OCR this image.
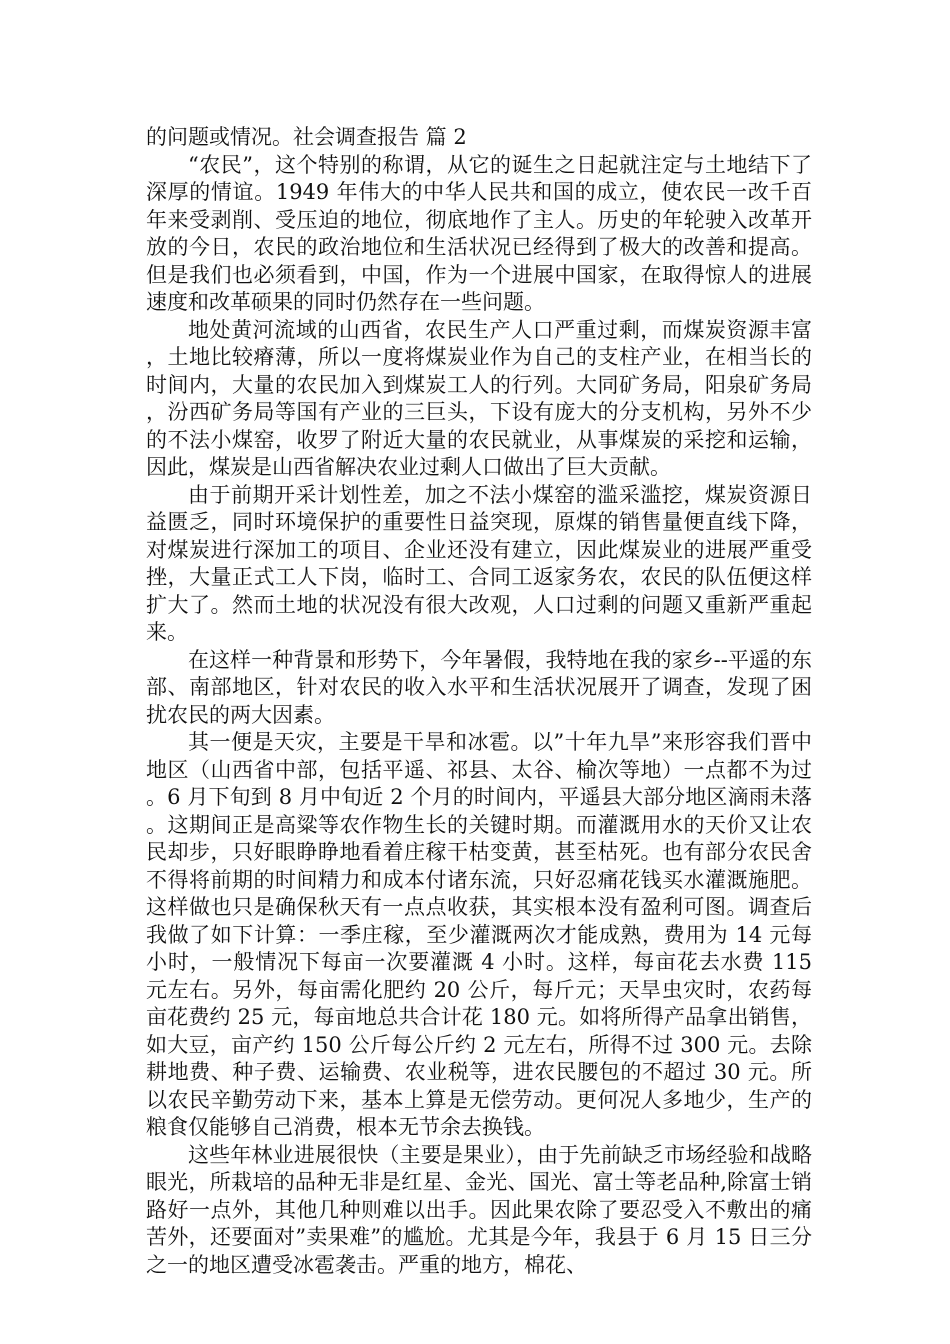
的问题或情况。社会调查报告 篇 2

“农民”，这个特别的称谓，从它的诞生之日起就注定与土地结下了深厚的情谊。1949 年伟大的中华人民共和国的成立，使农民一改千百年来受剥削、受压迫的地位，彻底地作了主人。历史的年轮驶入改革开放的今日，农民的政治地位和生活状况已经得到了极大的改善和提高。但是我们也必须看到，中国，作为一个进展中国家，在取得惊人的进展速度和改革硕果的同时仍然存在一些问题。

地处黄河流域的山西省，农民生产人口严重过剩，而煤炭资源丰富，土地比较瘠薄，所以一度将煤炭业作为自己的支柱产业，在相当长的时间内，大量的农民加入到煤炭工人的行列。大同矿务局，阳泉矿务局，汾西矿务局等国有产业的三巨头，下设有庞大的分支机构，另外不少的不法小煤窑，收罗了附近大量的农民就业，从事煤炭的采挖和运输，因此，煤炭是山西省解决农业过剩人口做出了巨大贡献。

由于前期开采计划性差，加之不法小煤窑的滥采滥挖，煤炭资源日益匮乏，同时环境保护的重要性日益突现，原煤的销售量便直线下降，对煤炭进行深加工的项目、企业还没有建立，因此煤炭业的进展严重受挫，大量正式工人下岗，临时工、合同工返家务农，农民的队伍便这样扩大了。然而土地的状况没有很大改观，人口过剩的问题又重新严重起来。

在这样一种背景和形势下，今年暑假，我特地在我的家乡--平遥的东部、南部地区，针对农民的收入水平和生活状况展开了调查，发现了困扰农民的两大因素。

其一便是天灾，主要是干旱和冰雹。以”十年九旱”来形容我们晋中地区（山西省中部，包括平遥、祁县、太谷、榆次等地）一点都不为过。6 月下旬到 8 月中旬近 2 个月的时间内，平遥县大部分地区滴雨未落。这期间正是高粱等农作物生长的关键时期。而灌溉用水的天价又让农民却步，只好眼睁睁地看着庄稼干枯变黄，甚至枯死。也有部分农民舍不得将前期的时间精力和成本付诸东流，只好忍痛花钱买水灌溉施肥。这样做也只是确保秋天有一点点收获，其实根本没有盈利可图。调查后我做了如下计算：一季庄稼，至少灌溉两次才能成熟，费用为 14 元每小时，一般情况下每亩一次要灌溉 4 小时。这样，每亩花去水费 115 元左右。另外，每亩需化肥约 20 公斤，每斤元；天旱虫灾时，农药每亩花费约 25 元，每亩地总共合计花 180 元。如将所得产品拿出销售，如大豆，亩产约 150 公斤每公斤约 2 元左右，所得不过 300 元。去除耕地费、种子费、运输费、农业税等，进农民腰包的不超过 30 元。所以农民辛勤劳动下来，基本上算是无偿劳动。更何况人多地少，生产的粮食仅能够自己消费，根本无节余去换钱。

这些年林业进展很快（主要是果业），由于先前缺乏市场经验和战略眼光，所栽培的品种无非是红星、金光、国光、富士等老品种,除富士销路好一点外，其他几种则难以出手。因此果农除了要忍受入不敷出的痛苦外，还要面对”卖果难”的尴尬。尤其是今年，我县于 6 月 15 日三分之一的地区遭受冰雹袭击。严重的地方，棉花、
